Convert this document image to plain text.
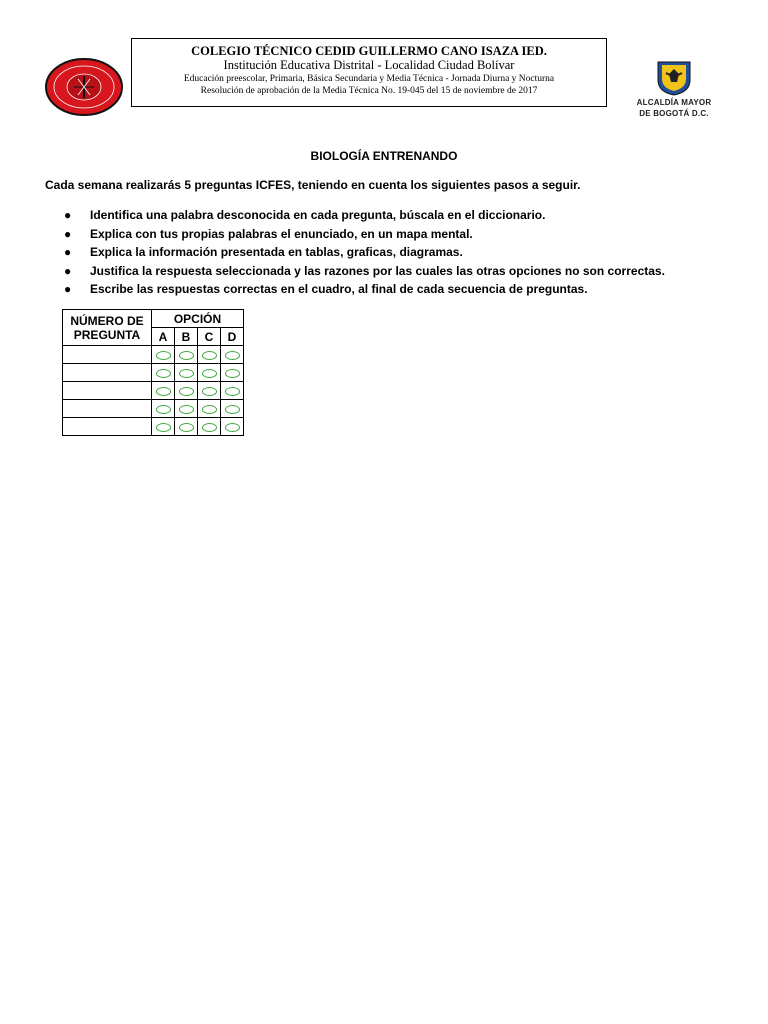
COLEGIO TÉCNICO CEDID GUILLERMO CANO ISAZA IED.
Institución Educativa Distrital - Localidad Ciudad Bolívar
Educación preescolar, Primaria, Básica Secundaria y Media Técnica - Jornada Diurna y Nocturna
Resolución de aprobación de la Media Técnica No. 19-045 del 15 de noviembre de 2017
ALCALDÍA MAYOR
DE BOGOTÁ D.C.
BIOLOGÍA ENTRENANDO
Cada semana realizarás 5 preguntas ICFES, teniendo en cuenta los siguientes pasos a seguir.
● Identifica una palabra desconocida en cada pregunta, búscala en el diccionario.
● Explica con tus propias palabras el enunciado, en un mapa mental.
● Explica la información presentada en tablas, graficas, diagramas.
● Justifica la respuesta seleccionada y las razones por las cuales las otras opciones no son correctas.
● Escribe las respuestas correctas en el cuadro, al final de cada secuencia de preguntas.
NÚMERO DE
PREGUNTA	OPCIÓN			
	A	B	C	D
